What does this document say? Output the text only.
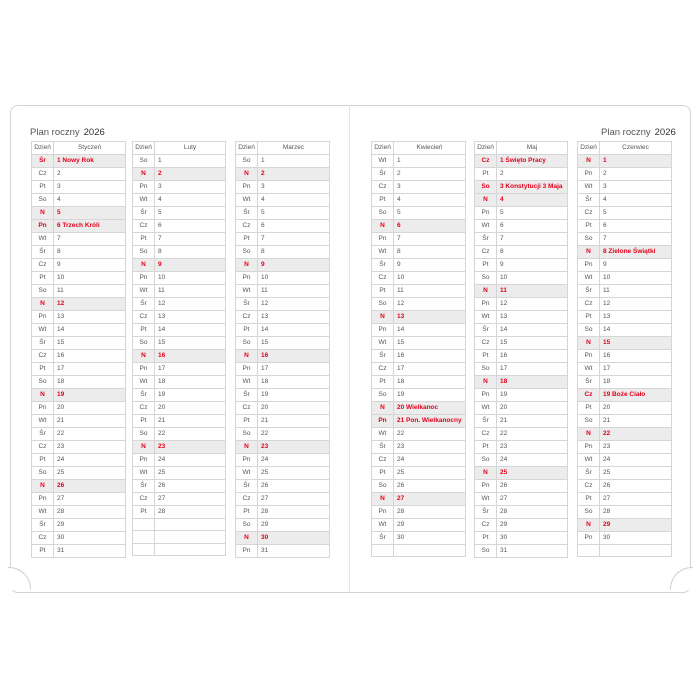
Plan roczny 2026	Plan roczny 2026
Dzień	Styczeń
Śr	1 Nowy Rok
Cz	2
Pt	3
So	4
N	5
Pn	6 Trzech Króli
Wt	7
Śr	8
Cz	9
Pt	10
So	11
N	12
Pn	13
Wt	14
Śr	15
Cz	16
Pt	17
So	18
N	19
Pn	20
Wt	21
Śr	22
Cz	23
Pt	24
So	25
N	26
Pn	27
Wt	28
Śr	29
Cz	30
Pt	31
Dzień	Luty
So	1
N	2
Pn	3
Wt	4
Śr	5
Cz	6
Pt	7
So	8
N	9
Pn	10
Wt	11
Śr	12
Cz	13
Pt	14
So	15
N	16
Pn	17
Wt	18
Śr	19
Cz	20
Pt	21
So	22
N	23
Pn	24
Wt	25
Śr	26
Cz	27
Pt	28

Dzień	Marzec
So	1
N	2
Pn	3
Wt	4
Śr	5
Cz	6
Pt	7
So	8
N	9
Pn	10
Wt	11
Śr	12
Cz	13
Pt	14
So	15
N	16
Pn	17
Wt	18
Śr	19
Cz	20
Pt	21
So	22
N	23
Pn	24
Wt	25
Śr	26
Cz	27
Pt	28
So	29
N	30
Pn	31
Dzień	Kwiecień
Wt	1
Śr	2
Cz	3
Pt	4
So	5
N	6
Pn	7
Wt	8
Śr	9
Cz	10
Pt	11
So	12
N	13
Pn	14
Wt	15
Śr	16
Cz	17
Pt	18
So	19
N	20 Wielkanoc
Pn	21 Pon. Wielkanocny
Wt	22
Śr	23
Cz	24
Pt	25
So	26
N	27
Pn	28
Wt	29
Śr	30

Dzień	Maj
Cz	1 Święto Pracy
Pt	2
So	3 Konstytucji 3 Maja
N	4
Pn	5
Wt	6
Śr	7
Cz	8
Pt	9
So	10
N	11
Pn	12
Wt	13
Śr	14
Cz	15
Pt	16
So	17
N	18
Pn	19
Wt	20
Śr	21
Cz	22
Pt	23
So	24
N	25
Pn	26
Wt	27
Śr	28
Cz	29
Pt	30
So	31
Dzień	Czerwiec
N	1
Pn	2
Wt	3
Śr	4
Cz	5
Pt	6
So	7
N	8 Zielone Świątki
Pn	9
Wt	10
Śr	11
Cz	12
Pt	13
So	14
N	15
Pn	16
Wt	17
Śr	18
Cz	19 Boże Ciało
Pt	20
So	21
N	22
Pn	23
Wt	24
Śr	25
Cz	26
Pt	27
So	28
N	29
Pn	30
